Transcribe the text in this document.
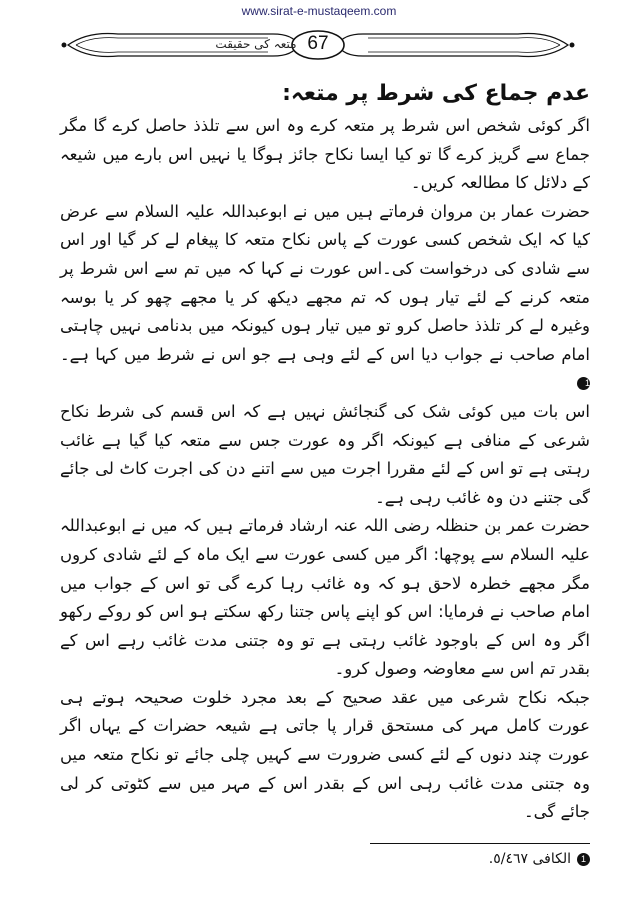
www.sirat-e-mustaqeem.com
67
متعہ کی حقیقت
عدم جماع کی شرط پر متعہ:

اگر کوئی شخص اس شرط پر متعہ کرے وہ اس سے تلذذ حاصل کرے گا مگر جماع سے گریز کرے گا تو کیا ایسا نکاح جائز ہوگا یا نہیں اس بارے میں شیعہ کے دلائل کا مطالعہ کریں۔

حضرت عمار بن مروان فرماتے ہیں میں نے ابوعبداللہ علیہ السلام سے عرض کیا کہ ایک شخص کسی عورت کے پاس نکاح متعہ کا پیغام لے کر گیا اور اس سے شادی کی درخواست کی۔اس عورت نے کہا کہ میں تم سے اس شرط پر متعہ کرنے کے لئے تیار ہوں کہ تم مجھے دیکھ کر یا مجھے چھو کر یا بوسہ وغیرہ لے کر تلذذ حاصل کرو تو میں تیار ہوں کیونکہ میں بدنامی نہیں چاہتی امام صاحب نے جواب دیا اس کے لئے وہی ہے جو اس نے شرط میں کہا ہے۔ 1

اس بات میں کوئی شک کی گنجائش نہیں ہے کہ اس قسم کی شرط نکاح شرعی کے منافی ہے کیونکہ اگر وہ عورت جس سے متعہ کیا گیا ہے غائب رہتی ہے تو اس کے لئے مقررا اجرت میں سے اتنے دن کی اجرت کاٹ لی جائے گی جتنے دن وہ غائب رہی ہے۔

حضرت عمر بن حنظلہ رضی اللہ عنہ ارشاد فرماتے ہیں کہ میں نے ابوعبداللہ علیہ السلام سے پوچھا: اگر میں کسی عورت سے ایک ماہ کے لئے شادی کروں مگر مجھے خطرہ لاحق ہو کہ وہ غائب رہا کرے گی تو اس کے جواب میں امام صاحب نے فرمایا: اس کو اپنے پاس جتنا رکھ سکتے ہو اس کو روکے رکھو اگر وہ اس کے باوجود غائب رہتی ہے تو وہ جتنی مدت غائب رہے اس کے بقدر تم اس سے معاوضہ وصول کرو۔

جبکہ نکاح شرعی میں عقد صحیح کے بعد مجرد خلوت صحیحہ ہوتے ہی عورت کامل مہر کی مستحق قرار پا جاتی ہے شیعہ حضرات کے یہاں اگر عورت چند دنوں کے لئے کسی ضرورت سے کہیں چلی جائے تو نکاح متعہ میں وہ جتنی مدت غائب رہی اس کے بقدر اس کے مہر میں سے کٹوتی کر لی جائے گی۔

1الکافی ٥/٤٦٧.
